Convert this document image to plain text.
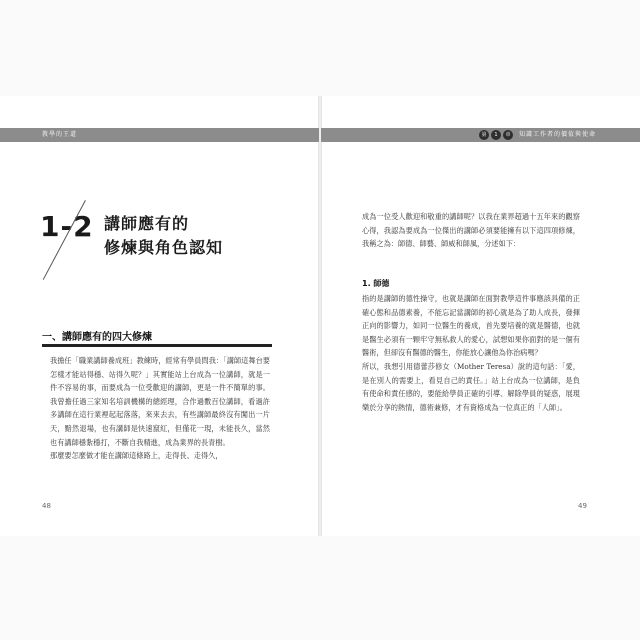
教學的王道	第	1	章	知識工作者的價值與使命
1-2 講師應有的
修煉與角色認知
一、講師應有的四大修煉

我擔任「職業講師養成班」教練時，經常有學員問我：「講師這舞台要怎樣才能站得穩、站得久呢？」其實能站上台成為一位講師，就是一件不容易的事，而要成為一位受歡迎的講師，更是一件不簡單的事。我曾擔任過三家知名培訓機構的總經理，合作過數百位講師，看過許多講師在這行業裡起起落落，來來去去，有些講師最終沒有闖出一片天，黯然退場，也有講師是快速竄紅，但僅花一現，未能長久，當然也有講師穩紮穩打，不斷自我精進，成為業界的長青樹。

那麼要怎麼做才能在講師這條路上，走得長、走得久，

成為一位受人歡迎和敬重的講師呢？以我在業界超過十五年來的觀察心得，我認為要成為一位傑出的講師必須要能擁有以下這四項修煉，我稱之為：師德、師藝、師威和師風，分述如下：
1. 師德
指的是講師的德性操守，也就是講師在面對教學這件事應該具備的正確心態和品德素養，不能忘記當講師的初心就是為了助人成長，發揮正向的影響力，如同一位醫生的養成，首先要培養的就是醫德，也就是醫生必須有一顆牢守無私救人的愛心，試想如果你面對的是一個有醫術，但卻沒有醫德的醫生，你能放心讓他為你治病嗎？
所以，我想引用德蕾莎修女（Mother Teresa）說的這句話：「愛，是在別人的需要上，看見自己的責任。」站上台成為一位講師，是負有使命和責任感的，要能給學員正確的引導、解除學員的疑惑，展現樂於分享的熱情，德術兼修，才有資格成為一位真正的「人師」。
48	49
